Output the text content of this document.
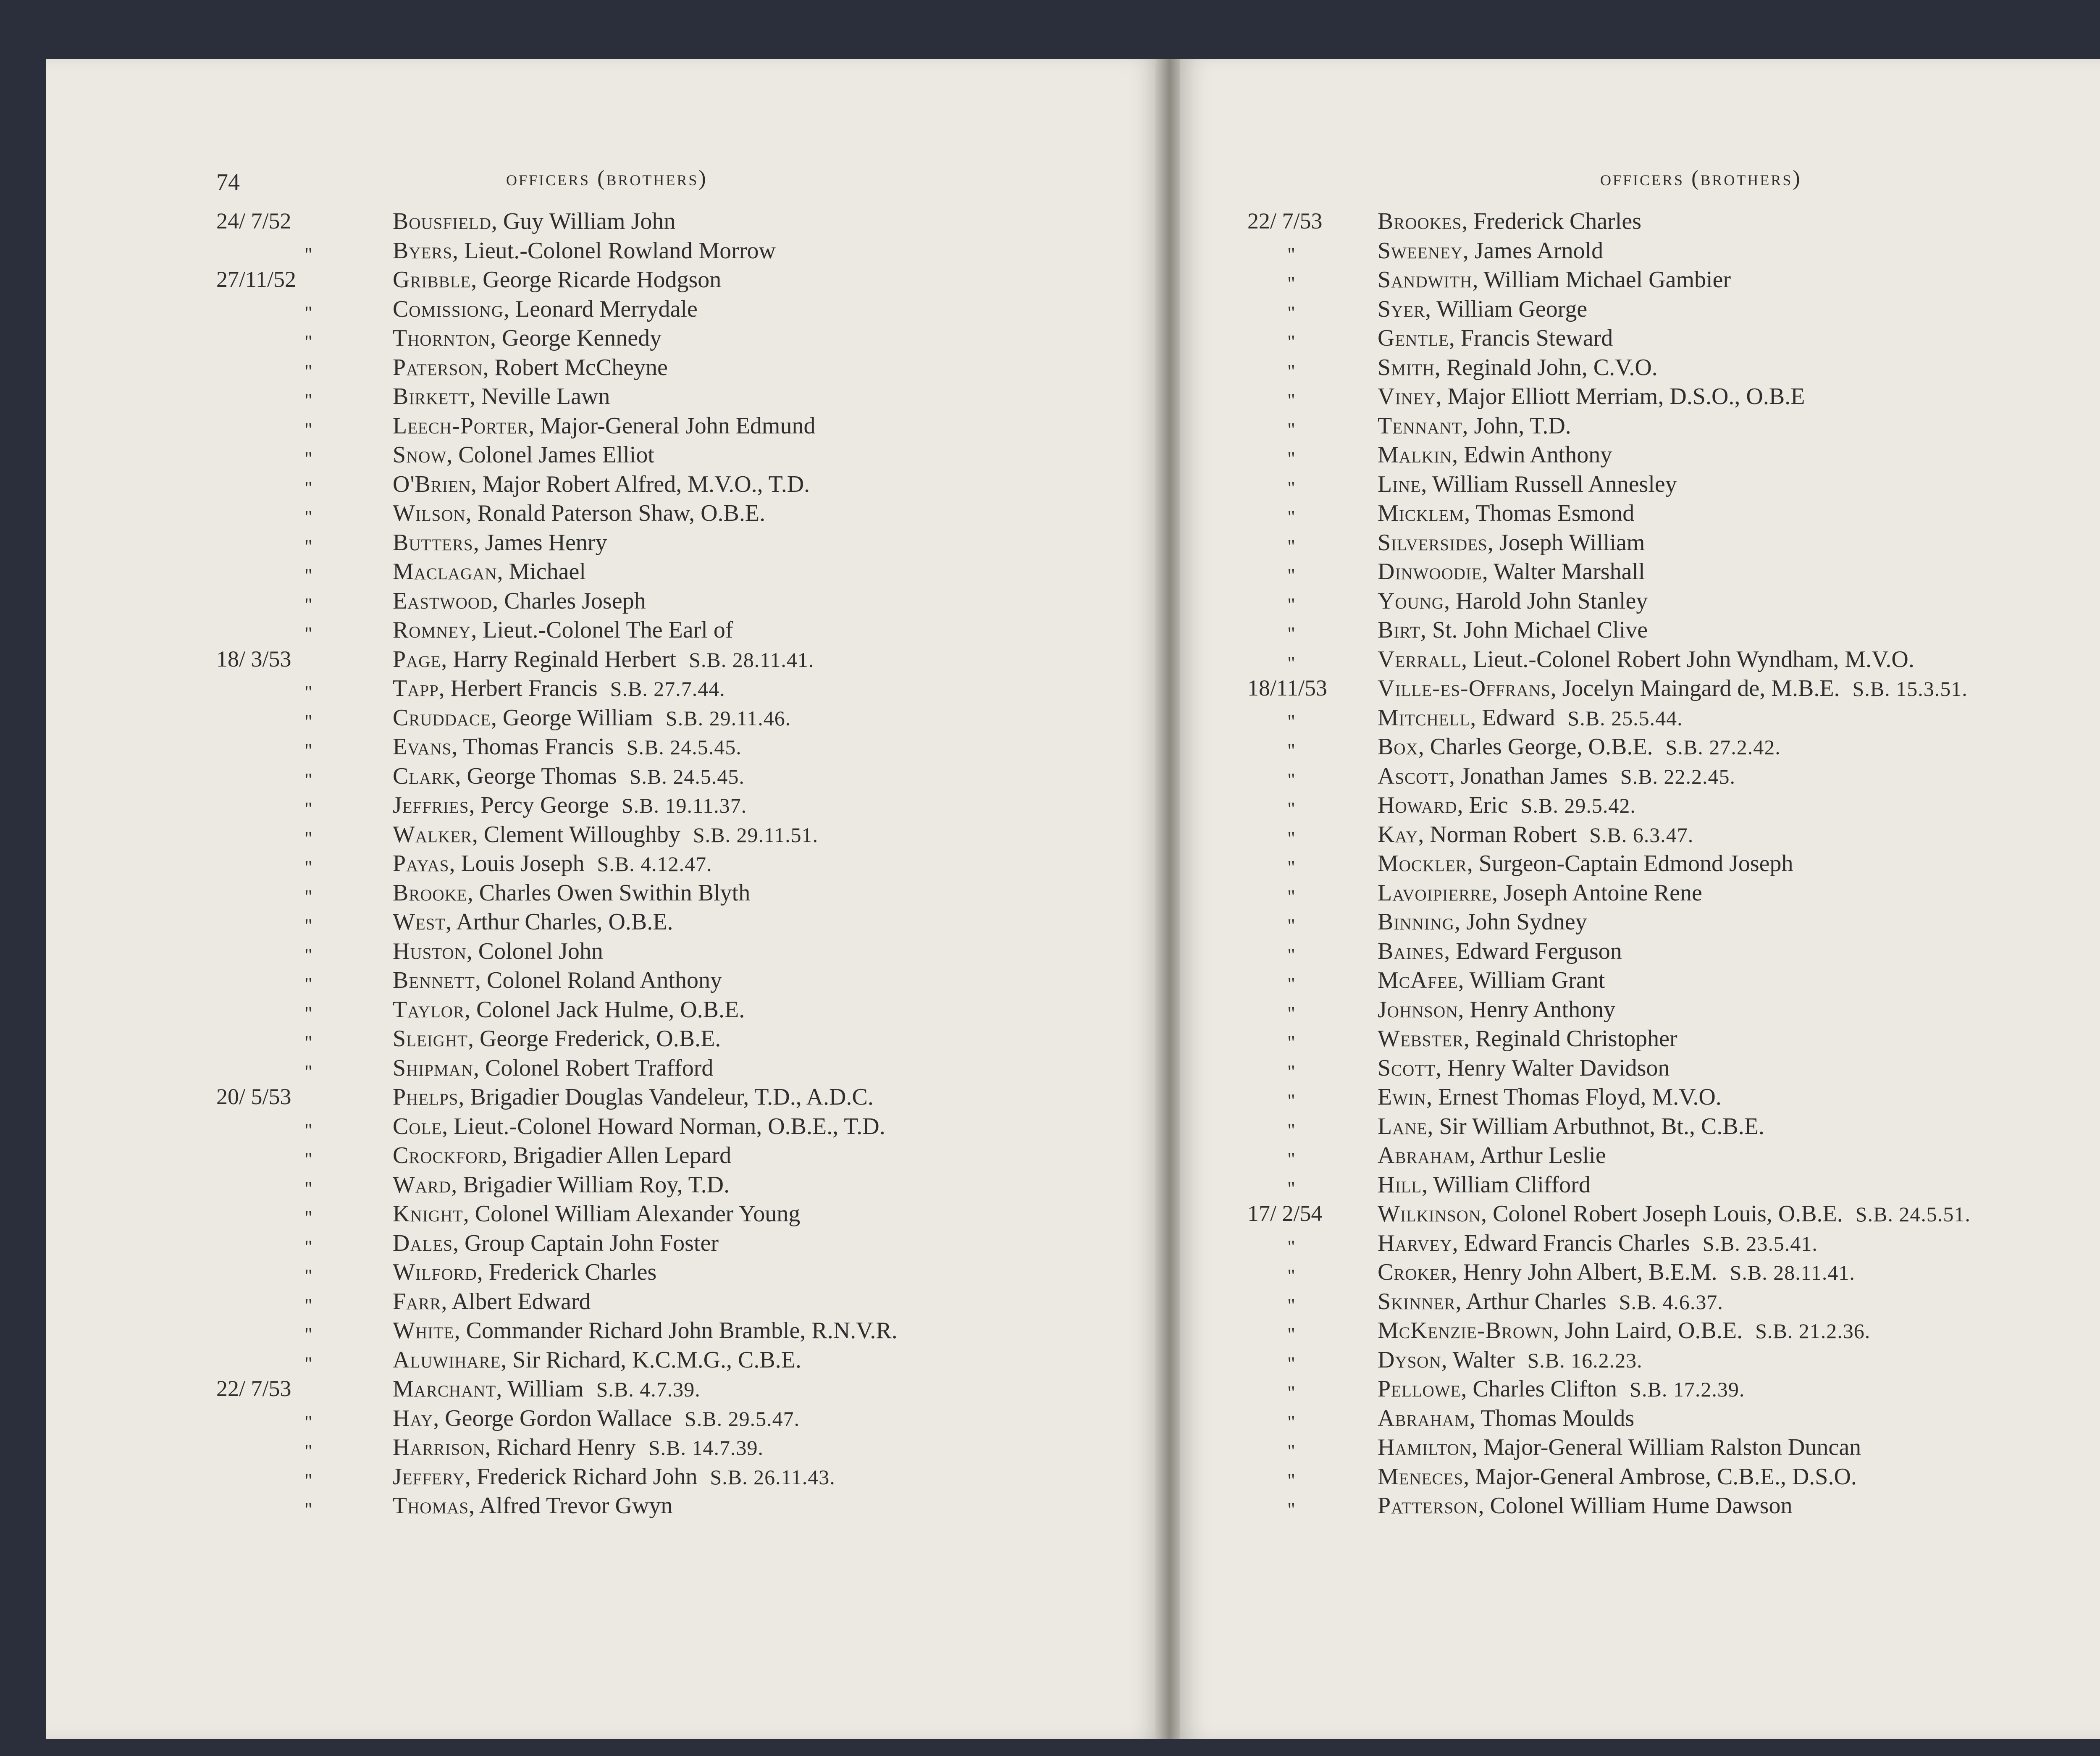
74	officers (brothers)
24/ 7/52	Bousfield, Guy William John
"	Byers, Lieut.-Colonel Rowland Morrow
27/11/52	Gribble, George Ricarde Hodgson
"	Comissiong, Leonard Merrydale
"	Thornton, George Kennedy
"	Paterson, Robert McCheyne
"	Birkett, Neville Lawn
"	Leech-Porter, Major-General John Edmund
"	Snow, Colonel James Elliot
"	O'Brien, Major Robert Alfred, M.V.O., T.D.
"	Wilson, Ronald Paterson Shaw, O.B.E.
"	Butters, James Henry
"	Maclagan, Michael
"	Eastwood, Charles Joseph
"	Romney, Lieut.-Colonel The Earl of
18/ 3/53	Page, Harry Reginald Herbert S.B. 28.11.41.
"	Tapp, Herbert Francis S.B. 27.7.44.
"	Cruddace, George William S.B. 29.11.46.
"	Evans, Thomas Francis S.B. 24.5.45.
"	Clark, George Thomas S.B. 24.5.45.
"	Jeffries, Percy George S.B. 19.11.37.
"	Walker, Clement Willoughby S.B. 29.11.51.
"	Payas, Louis Joseph S.B. 4.12.47.
"	Brooke, Charles Owen Swithin Blyth
"	West, Arthur Charles, O.B.E.
"	Huston, Colonel John
"	Bennett, Colonel Roland Anthony
"	Taylor, Colonel Jack Hulme, O.B.E.
"	Sleight, George Frederick, O.B.E.
"	Shipman, Colonel Robert Trafford
20/ 5/53	Phelps, Brigadier Douglas Vandeleur, T.D., A.D.C.
"	Cole, Lieut.-Colonel Howard Norman, O.B.E., T.D.
"	Crockford, Brigadier Allen Lepard
"	Ward, Brigadier William Roy, T.D.
"	Knight, Colonel William Alexander Young
"	Dales, Group Captain John Foster
"	Wilford, Frederick Charles
"	Farr, Albert Edward
"	White, Commander Richard John Bramble, R.N.V.R.
"	Aluwihare, Sir Richard, K.C.M.G., C.B.E.
22/ 7/53	Marchant, William S.B. 4.7.39.
"	Hay, George Gordon Wallace S.B. 29.5.47.
"	Harrison, Richard Henry S.B. 14.7.39.
"	Jeffery, Frederick Richard John S.B. 26.11.43.
"	Thomas, Alfred Trevor Gwyn
officers (brothers)
22/ 7/53 Brookes, Frederick Charles
"	Sweeney, James Arnold
"	Sandwith, William Michael Gambier
"	Syer, William George
"	Gentle, Francis Steward
"	Smith, Reginald John, C.V.O.
"	Viney, Major Elliott Merriam, D.S.O., O.B.E
"	Tennant, John, T.D.
"	Malkin, Edwin Anthony
"	Line, William Russell Annesley
"	Micklem, Thomas Esmond
"	Silversides, Joseph William
"	Dinwoodie, Walter Marshall
"	Young, Harold John Stanley
"	Birt, St. John Michael Clive
"	Verrall, Lieut.-Colonel Robert John Wyndham, M.V.O.
18/11/53 Ville-es-Offrans, Jocelyn Maingard de, M.B.E. S.B. 15.3.51.
"	Mitchell, Edward S.B. 25.5.44.
"	Box, Charles George, O.B.E. S.B. 27.2.42.
"	Ascott, Jonathan James S.B. 22.2.45.
"	Howard, Eric S.B. 29.5.42.
"	Kay, Norman Robert S.B. 6.3.47.
"	Mockler, Surgeon-Captain Edmond Joseph
"	Lavoipierre, Joseph Antoine Rene
"	Binning, John Sydney
"	Baines, Edward Ferguson
"	McAfee, William Grant
"	Johnson, Henry Anthony
"	Webster, Reginald Christopher
"	Scott, Henry Walter Davidson
"	Ewin, Ernest Thomas Floyd, M.V.O.
"	Lane, Sir William Arbuthnot, Bt., C.B.E.
"	Abraham, Arthur Leslie
"	Hill, William Clifford
17/ 2/54 Wilkinson, Colonel Robert Joseph Louis, O.B.E. S.B. 24.5.51.
"	Harvey, Edward Francis Charles S.B. 23.5.41.
"	Croker, Henry John Albert, B.E.M. S.B. 28.11.41.
"	Skinner, Arthur Charles S.B. 4.6.37.
"	McKenzie-Brown, John Laird, O.B.E. S.B. 21.2.36.
"	Dyson, Walter S.B. 16.2.23.
"	Pellowe, Charles Clifton S.B. 17.2.39.
"	Abraham, Thomas Moulds
"	Hamilton, Major-General William Ralston Duncan
"	Meneces, Major-General Ambrose, C.B.E., D.S.O.
"	Patterson, Colonel William Hume Dawson
